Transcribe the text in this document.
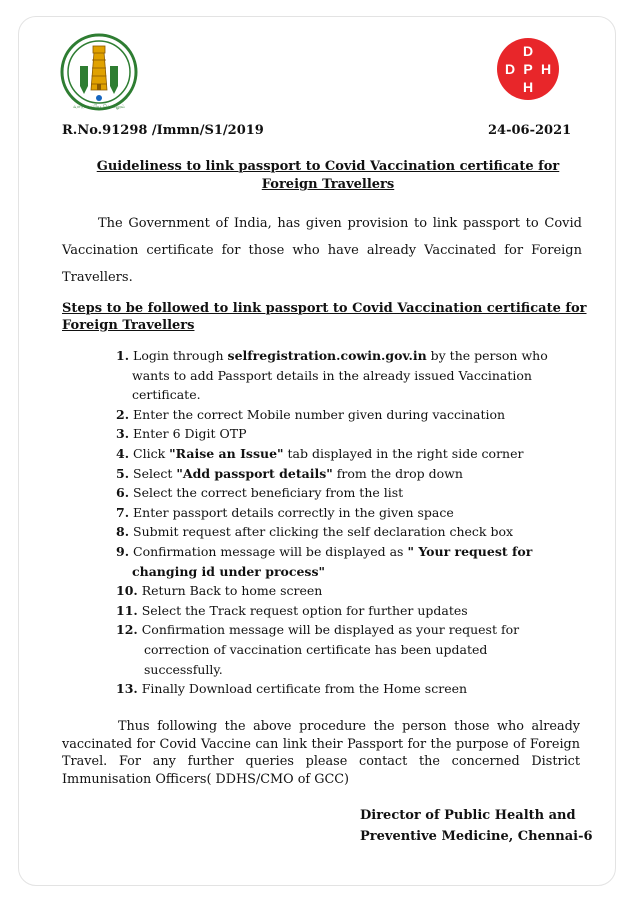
வாய்மையே வெல்லும்
D
P
H
D H
R.No.91298 /Immn/S1/2019	24-06-2021
Guideliness to link passport to Covid Vaccination certificate for
Foreign Travellers
The Government of India, has given provision to link passport to Covid Vaccination certificate for those who have already Vaccinated for Foreign Travellers.
Steps to be followed to link passport to Covid Vaccination certificate for
Foreign Travellers
1. Login through selfregistration.cowin.gov.in by the person who
wants to add Passport details in the already issued Vaccination
certificate.
2. Enter the correct Mobile number given during vaccination
3. Enter 6 Digit OTP
4. Click "Raise an Issue" tab displayed in the right side corner
5. Select "Add passport details" from the drop down
6. Select the correct beneficiary from the list
7. Enter passport details correctly in the given space
8. Submit request after clicking the self declaration check box
9. Confirmation message will be displayed as " Your request for
changing id under process"
10. Return Back to home screen
11. Select the Track request option for further updates
12. Confirmation message will be displayed as your request for
correction of vaccination certificate has been updated
successfully.
13. Finally Download certificate from the Home screen
Thus following the above procedure the person those who already vaccinated for Covid Vaccine can link their Passport for the purpose of Foreign Travel. For any further queries please contact the concerned District Immunisation Officers( DDHS/CMO of GCC)
Director of Public Health and
Preventive Medicine, Chennai-6
